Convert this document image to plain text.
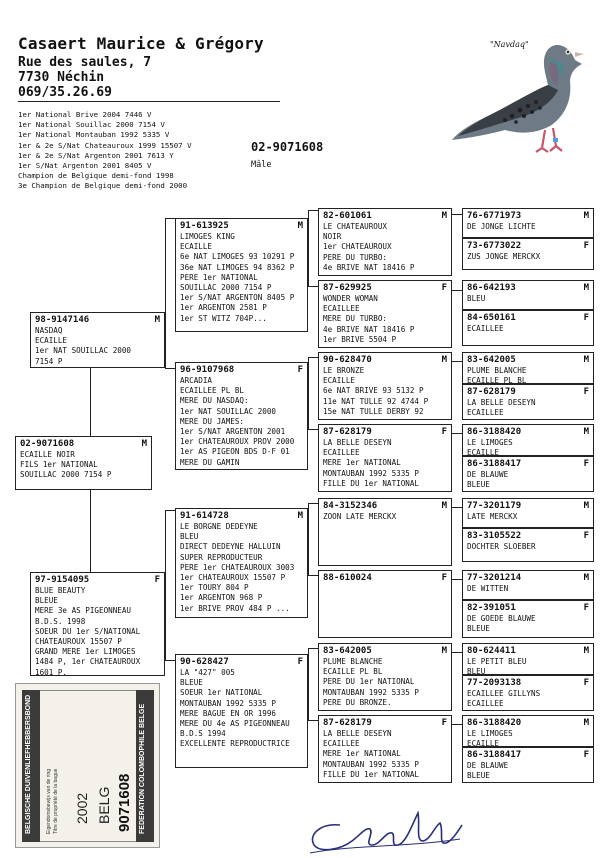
Casaert Maurice & Grégory
Rue des saules, 7
7730 Néchin
069/35.26.69
1er National Brive 2004 7446 V
1er National Souillac 2000 7154 V
1er National Montauban 1992 5335 V
1er & 2e S/Nat Chateauroux 1999 15507 V
1er & 2e S/Nat Argenton 2001 7613 Y
1er S/Nat Argenton 2001 8405 V
Champion de Belgique demi-fond 1998
3e Champion de Belgique demi-fond 2000
02-9071608
Mâle
"Navdaq"
02-9071608	M
ECAILLE NOIR
FILS 1er NATIONAL
SOUILLAC 2000 7154 P
98-9147146	M
NASDAQ
ECAILLE
1er NAT SOUILLAC 2000
7154 P
97-9154095	F
BLUE BEAUTY
BLEUE
MERE 3e AS PIGEONNEAU
B.D.S. 1998
SOEUR DU 1er S/NATIONAL
CHATEAUROUX 15507 P
GRAND MERE 1er LIMOGES
1484 P, 1er CHATEAUROUX
1601 P.
91-613925	M
LIMOGES KING
ECAILLE
6e NAT LIMOGES 93 10291 P
36e NAT LIMOGES 94 8362 P
PERE 1er NATIONAL
SOUILLAC 2000 7154 P
1er S/NAT ARGENTON 8405 P
1er ARGENTON 2581 P
1er ST WITZ 704P...
96-9107968	F
ARCADIA
ECAILLEE PL BL
MERE DU NASDAQ:
1er NAT SOUILLAC 2000
MERE DU JAMES:
1er S/NAT ARGENTON 2001
1er CHATEAUROUX PROV 2000
1er AS PIGEON BDS D-F 01
MERE DU GAMIN
91-614728	M
LE BORGNE DEDEYNE
BLEU
DIRECT DEDEYNE HALLUIN
SUPER REPRODUCTEUR
PERE 1er CHATEAUROUX 3003
1er CHATEAUROUX 15507 P
1er TOURY 804 P
1er ARGENTON 968 P
1er BRIVE PROV 484 P ...
90-628427	F
LA "427" 005
BLEUE
SOEUR 1er NATIONAL
MONTAUBAN 1992 5335 P
MERE BAGUE EN OR 1996
MERE DU 4e AS PIGEONNEAU
B.D.S 1994
EXCELLENTE REPRODUCTRICE
82-601061	M
LE CHATEAUROUX
NOIR
1er CHATEAUROUX
PERE DU TURBO:
4e BRIVE NAT 18416 P
87-629925	F
WONDER WOMAN
ECAILLEE
MERE DU TURBO:
4e BRIVE NAT 18416 P
1er BRIVE 5504 P
90-628470	M
LE BRONZE
ECAILLE
6e NAT BRIVE 93 5132 P
11e NAT TULLE 92 4744 P
15e NAT TULLE DERBY 92
87-628179	F
LA BELLE DESEYN
ECAILLEE
MERE 1er NATIONAL
MONTAUBAN 1992 5335 P
FILLE DU 1er NATIONAL
84-3152346	M
ZOON LATE MERCKX
88-610024	F
83-642005	M
PLUME BLANCHE
ECAILLE PL BL
PERE DU 1er NATIONAL
MONTAUBAN 1992 5335 P
PERE DU BRONZE.
87-628179	F
LA BELLE DESEYN
ECAILLEE
MERE 1er NATIONAL
MONTAUBAN 1992 5335 P
FILLE DU 1er NATIONAL
76-6771973	M
DE JONGE LICHTE
73-6773022	F
ZUS JONGE MERCKX
86-642193	M
BLEU
84-650161	F
ECAILLEE
83-642005	M
PLUME BLANCHE
ECAILLE PL BL
87-628179	F
LA BELLE DESEYN
ECAILLEE
86-3188420	M
LE LIMOGES
ECAILLE
86-3188417	F
DE BLAUWE
BLEUE
77-3201179	M
LATE MERCKX
83-3105522	F
DOCHTER SLOEBER
77-3201214	M
DE WITTEN
82-391051	F
DE GOEDE BLAUWE
BLEUE
80-624411	M
LE PETIT BLEU
BLEU
77-2093138	F
ECAILLEE GILLYNS
ECAILLEE
86-3188420	M
LE LIMOGES
ECAILLE
86-3188417	F
DE BLAUWE
BLEUE
BELGISCHE DUIVENLIEFHEBBERSBOND	FEDERATION COLOMBOPHILE BELGE
Eigendomsbewijs van de ring Titre de propriété de la bague 2002 BELG 9071608
